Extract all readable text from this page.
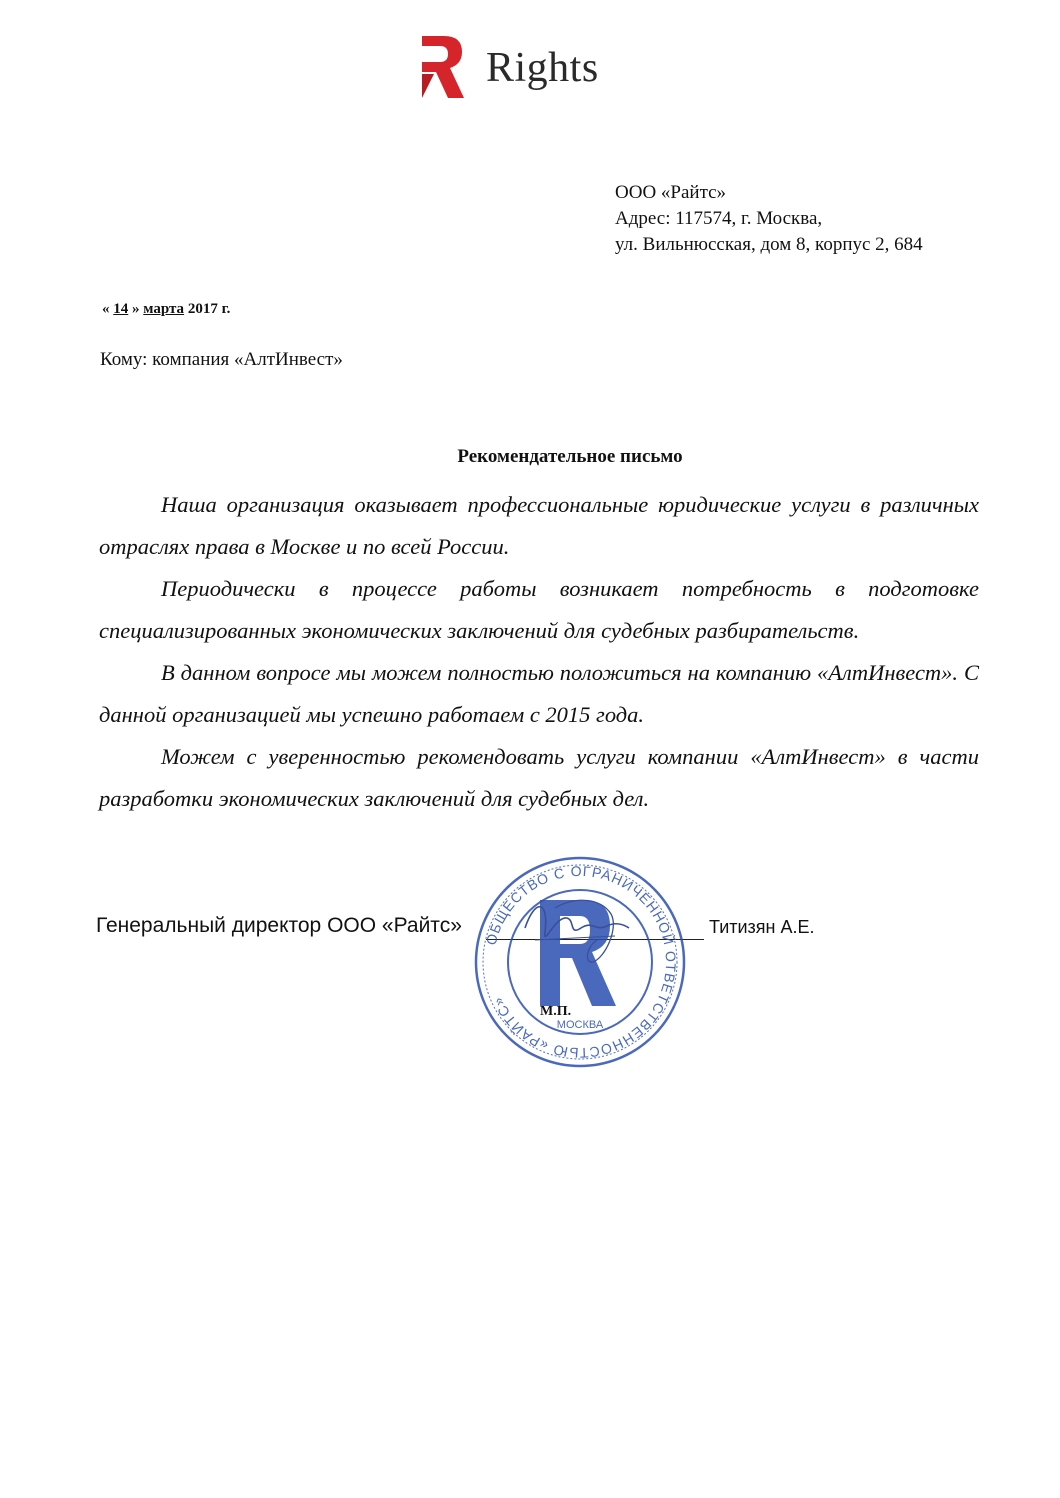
Rights
ООО «Райтс»
Адрес: 117574, г. Москва,
ул. Вильнюсская, дом 8, корпус 2, 684
« 14 » марта 2017 г.
Кому: компания «АлтИнвест»
Рекомендательное письмо

Наша организация оказывает профессиональные юридические услуги в различных отраслях права в Москве и по всей России.

Периодически в процессе работы возникает потребность в подготовке специализированных экономических заключений для судебных разбирательств.

В данном вопросе мы можем полностью положиться на компанию «АлтИнвест». С данной организацией мы успешно работаем с 2015 года.

Можем с уверенностью рекомендовать услуги компании «АлтИнвест» в части разработки экономических заключений для судебных дел.

Генеральный директор ООО «Райтс»	Титизян А.Е.
ОБЩЕСТВО С ОГРАНИЧЕННОЙ ОТВЕТСТВЕННОСТЬЮ «РАЙТС»
МОСКВА
М.П.
